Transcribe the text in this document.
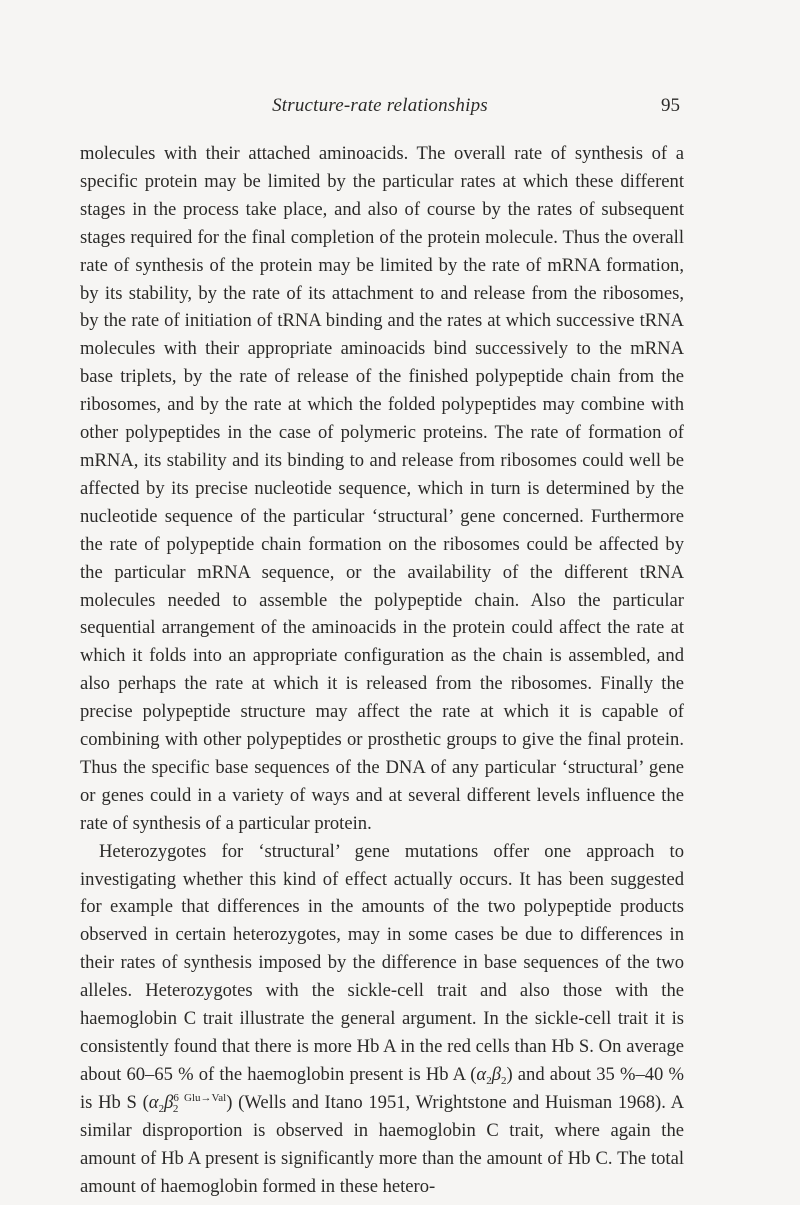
Structure-rate relationships	95

molecules with their attached aminoacids. The overall rate of synthesis of a specific protein may be limited by the particular rates at which these different stages in the process take place, and also of course by the rates of subsequent stages required for the final completion of the protein molecule. Thus the overall rate of synthesis of the protein may be limited by the rate of mRNA formation, by its stability, by the rate of its attachment to and release from the ribosomes, by the rate of initiation of tRNA binding and the rates at which successive tRNA molecules with their appropriate aminoacids bind successively to the mRNA base triplets, by the rate of release of the finished polypeptide chain from the ribosomes, and by the rate at which the folded polypeptides may combine with other polypeptides in the case of polymeric proteins. The rate of formation of mRNA, its stability and its binding to and release from ribosomes could well be affected by its precise nucleotide sequence, which in turn is determined by the nucleotide sequence of the particular ‘structural’ gene concerned. Furthermore the rate of polypeptide chain formation on the ribosomes could be affected by the particular mRNA sequence, or the availability of the different tRNA molecules needed to assemble the polypeptide chain. Also the particular sequential arrangement of the aminoacids in the protein could affect the rate at which it folds into an appropriate configuration as the chain is assembled, and also perhaps the rate at which it is released from the ribosomes. Finally the precise polypeptide structure may affect the rate at which it is capable of combining with other polypeptides or prosthetic groups to give the final protein. Thus the specific base sequences of the DNA of any particular ‘structural’ gene or genes could in a variety of ways and at several different levels influence the rate of synthesis of a particular protein.

Heterozygotes for ‘structural’ gene mutations offer one approach to investigating whether this kind of effect actually occurs. It has been suggested for example that differences in the amounts of the two polypeptide products observed in certain heterozygotes, may in some cases be due to differences in their rates of synthesis imposed by the difference in base sequences of the two alleles. Heterozygotes with the sickle-cell trait and also those with the haemoglobin C trait illustrate the general argument. In the sickle-cell trait it is consistently found that there is more Hb A in the red cells than Hb S. On average about 60–65 % of the haemoglobin present is Hb A $(\alpha_2\beta_2)$ and about 35 %–40 % is Hb S ($\alpha_2\beta^6_2$ $^{Glu\to Val}$) (Wells and Itano 1951, Wrightstone and Huisman 1968). A similar disproportion is observed in haemoglobin C trait, where again the amount of Hb A present is significantly more than the amount of Hb C. The total amount of haemoglobin formed in these hetero-
